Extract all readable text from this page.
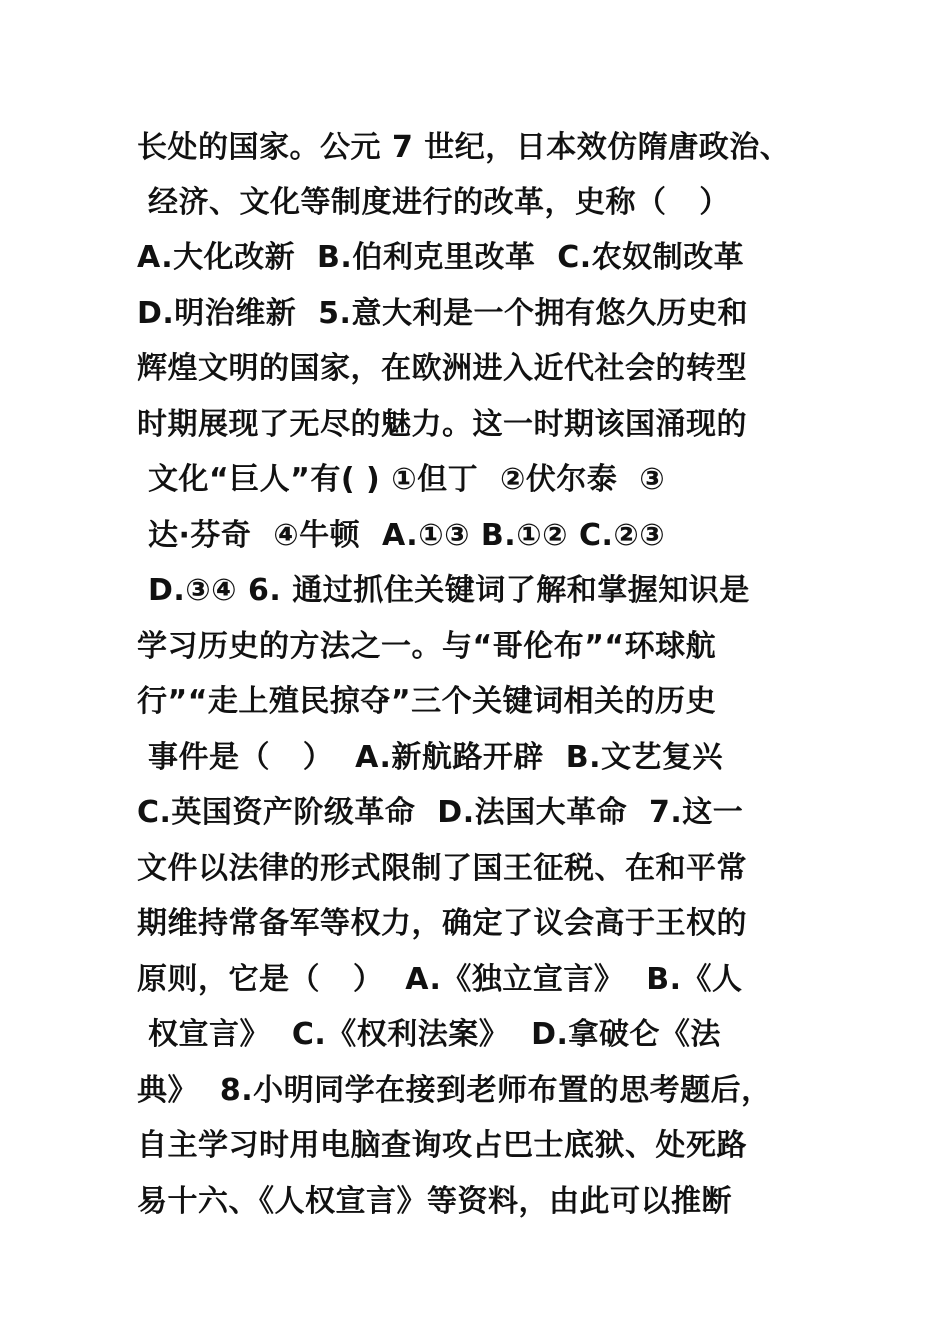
长处的国家。公元 7 世纪，日本效仿隋唐政治、
经济、文化等制度进行的改革，史称（   ）
A.大化改新  B.伯利克里改革  C.农奴制改革
D.明治维新  5.意大利是一个拥有悠久历史和
辉煌文明的国家，在欧洲进入近代社会的转型
时期展现了无尽的魅力。这一时期该国涌现的
文化“巨人”有( ) ①但丁  ②伏尔泰  ③
达·芬奇  ④牛顿  A.①③ B.①② C.②③
D.③④ 6. 通过抓住关键词了解和掌握知识是
学习历史的方法之一。与“哥伦布”“环球航
行”“走上殖民掠夺”三个关键词相关的历史
事件是（   ）  A.新航路开辟  B.文艺复兴
C.英国资产阶级革命  D.法国大革命  7.这一
文件以法律的形式限制了国王征税、在和平常
期维持常备军等权力，确定了议会高于王权的
原则，它是（   ）  A.《独立宣言》  B.《人
权宣言》  C.《权利法案》  D.拿破仑《法
典》  8.小明同学在接到老师布置的思考题后，
自主学习时用电脑查询攻占巴士底狱、处死路
易十六、《人权宣言》等资料，由此可以推断
